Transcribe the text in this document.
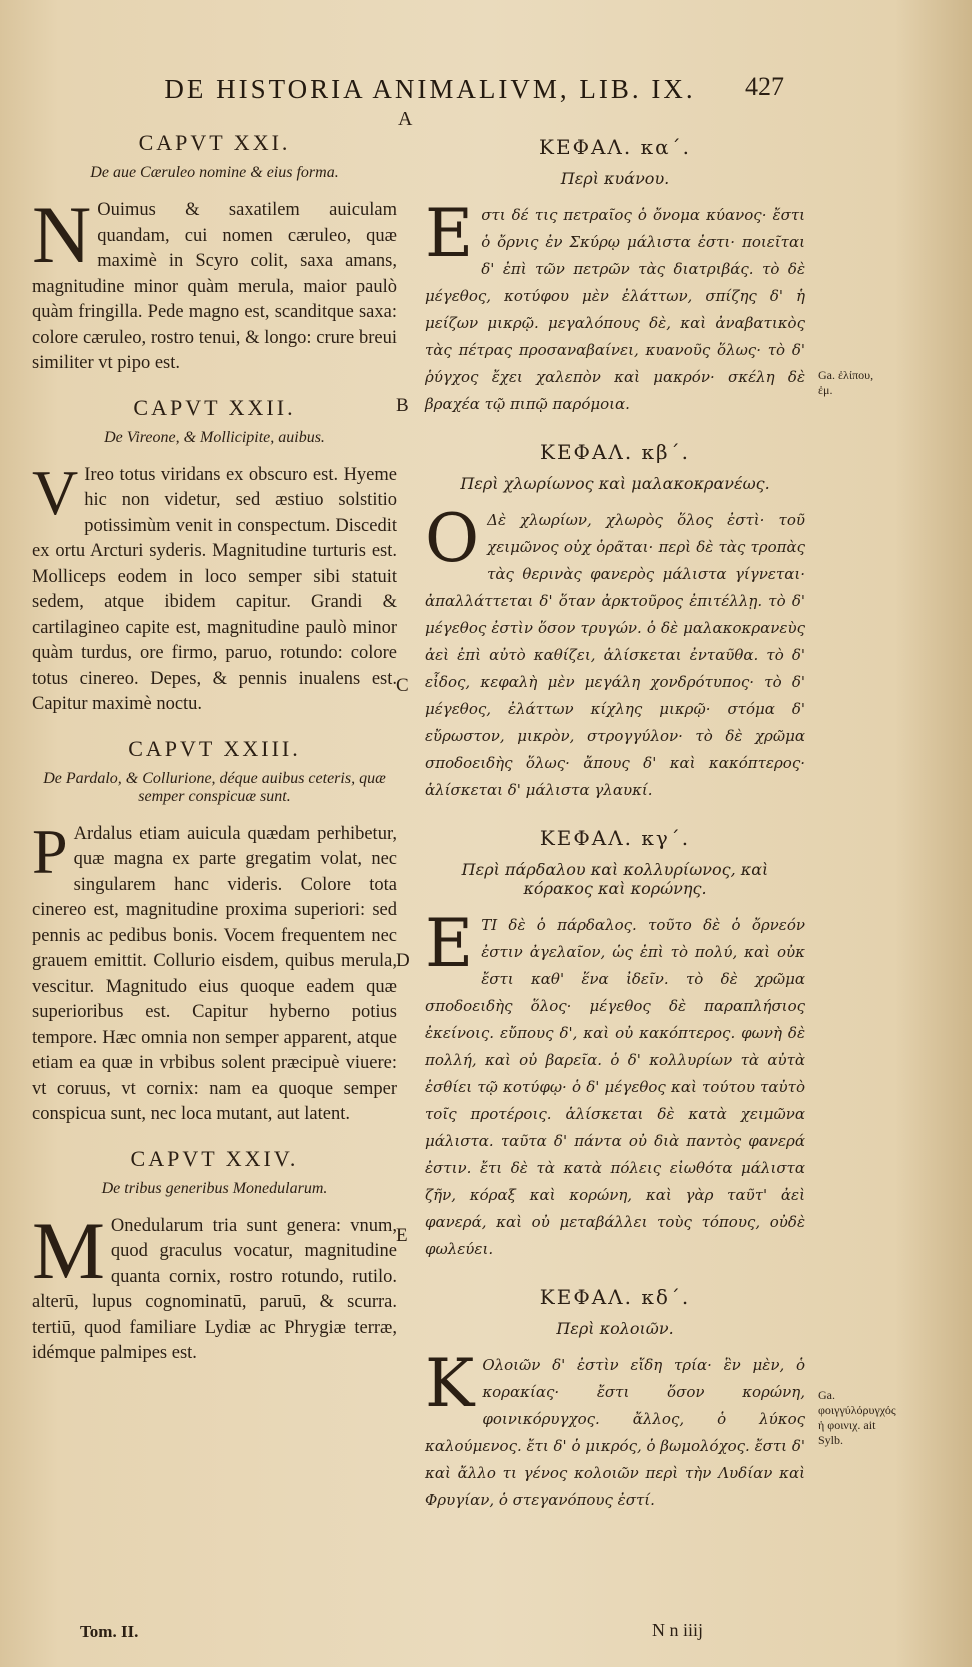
DE HISTORIA ANIMALIVM, LIB. IX.	427
A
CAPVT XXI.
De aue Cæruleo nomine & eius forma.

N Ouimus & saxatilem auiculam quandam, cui nomen cæruleo, quæ maximè in Scyro colit, saxa amans, magnitudine minor quàm merula, maior paulò quàm fringilla. Pede magno est, scanditque saxa: colore cæruleo, rostro tenui, & longo: crure breui similiter vt pipo est.

CAPVT XXII.
De Vireone, & Mollicipite, auibus.

V Ireo totus viridans ex obscuro est. Hyeme hic non videtur, sed æstiuo solstitio potissimùm venit in conspectum. Discedit ex ortu Arcturi syderis. Magnitudine turturis est. Molliceps eodem in loco semper sibi statuit sedem, atque ibidem capitur. Grandi & cartilagineo capite est, magnitudine paulò minor quàm turdus, ore firmo, paruo, rotundo: colore totus cinereo. Depes, & pennis inualens est. Capitur maximè noctu.

CAPVT XXIII.
De Pardalo, & Collurione, déque auibus ceteris, quæ semper conspicuæ sunt.

P Ardalus etiam auicula quædam perhibetur, quæ magna ex parte gregatim volat, nec singularem hanc videris. Colore tota cinereo est, magnitudine proxima superiori: sed pennis ac pedibus bonis. Vocem frequentem nec grauem emittit. Collurio eisdem, quibus merula, vescitur. Magnitudo eius quoque eadem quæ superioribus est. Capitur hyberno potius tempore. Hæc omnia non semper apparent, atque etiam ea quæ in vrbibus solent præcipuè viuere: vt coruus, vt cornix: nam ea quoque semper conspicua sunt, nec loca mutant, aut latent.

CAPVT XXIV.
De tribus generibus Monedularum.

M Onedularum tria sunt genera: vnum, quod graculus vocatur, magnitudine quanta cornix, rostro rotundo, rutilo. alterū, lupus cognominatū, paruū, & scurra. tertiū, quod familiare Lydiæ ac Phrygiæ terræ, idémque palmipes est.

B
C
D
E
ΚΕΦΑΛ. κα΄.
Περὶ κυάνου.

Εστι δέ τις πετραῖος ὁ ὄνομα κύανος· ἔστι ὁ ὄρνις ἐν Σκύρῳ μάλιστα ἐστι· ποιεῖται δ' ἐπὶ τῶν πετρῶν τὰς διατριβάς. τὸ δὲ μέγεθος, κοτύφου μὲν ἐλάττων, σπίζης δ' ἡ μείζων μικρῷ. μεγαλόπους δὲ, καὶ ἀναβατικὸς τὰς πέτρας προσαναβαίνει, κυανοῦς ὅλως· τὸ δ' ῥύγχος ἔχει χαλεπὸν καὶ μακρόν· σκέλη δὲ βραχέα τῷ πιπῷ παρόμοια.

ΚΕΦΑΛ. κβ΄.
Περὶ χλωρίωνος καὶ μαλακοκρανέως.

Ο Δὲ χλωρίων, χλωρὸς ὅλος ἐστὶ· τοῦ χειμῶνος οὐχ ὁρᾶται· περὶ δὲ τὰς τροπὰς τὰς θερινὰς φανερὸς μάλιστα γίγνεται· ἀπαλλάττεται δ' ὅταν ἀρκτοῦρος ἐπιτέλλῃ. τὸ δ' μέγεθος ἐστὶν ὅσον τρυγών. ὁ δὲ μαλακοκρανεὺς ἀεὶ ἐπὶ αὐτὸ καθίζει, ἁλίσκεται ἐνταῦθα. τὸ δ' εἶδος, κεφαλὴ μὲν μεγάλη χονδρότυπος· τὸ δ' μέγεθος, ἐλάττων κίχλης μικρῷ· στόμα δ' εὔρωστον, μικρὸν, στρογγύλον· τὸ δὲ χρῶμα σποδοειδὴς ὅλως· ἄπους δ' καὶ κακόπτερος· ἁλίσκεται δ' μάλιστα γλαυκί.

ΚΕΦΑΛ. κγ΄.
Περὶ πάρδαλου καὶ κολλυρίωνος, καὶ κόρακος καὶ κορώνης.

ΕΤΙ δὲ ὁ πάρδαλος. τοῦτο δὲ ὁ ὄρνεόν ἐστιν ἀγελαῖον, ὡς ἐπὶ τὸ πολύ, καὶ οὐκ ἔστι καθ' ἕνα ἰδεῖν. τὸ δὲ χρῶμα σποδοειδὴς ὅλος· μέγεθος δὲ παραπλήσιος ἐκείνοις. εὔπους δ', καὶ οὐ κακόπτερος. φωνὴ δὲ πολλή, καὶ οὐ βαρεῖα. ὁ δ' κολλυρίων τὰ αὐτὰ ἐσθίει τῷ κοτύφῳ· ὁ δ' μέγεθος καὶ τούτου ταὐτὸ τοῖς προτέροις. ἁλίσκεται δὲ κατὰ χειμῶνα μάλιστα. ταῦτα δ' πάντα οὐ διὰ παντὸς φανερά ἐστιν. ἔτι δὲ τὰ κατὰ πόλεις εἰωθότα μάλιστα ζῆν, κόραξ καὶ κορώνη, καὶ γὰρ ταῦτ' ἀεὶ φανερά, καὶ οὐ μεταβάλλει τοὺς τόπους, οὐδὲ φωλεύει.

ΚΕΦΑΛ. κδ΄.
Περὶ κολοιῶν.

Κ Ολοιῶν δ' ἐστὶν εἴδη τρία· ἓν μὲν, ὁ κορακίας· ἔστι ὅσον κορώνη, φοινικόρυγχος. ἄλλος, ὁ λύκος καλούμενος. ἔτι δ' ὁ μικρός, ὁ βωμολόχος. ἔστι δ' καὶ ἄλλο τι γένος κολοιῶν περὶ τὴν Λυδίαν καὶ Φρυγίαν, ὁ στεγανόπους ἐστί.

Ga. ἐλίπου, ἐμ.
Ga. φοιγγύλόρυγχός ἡ φοινιχ. ait Sylb.
Tom. II.	N n iiij
